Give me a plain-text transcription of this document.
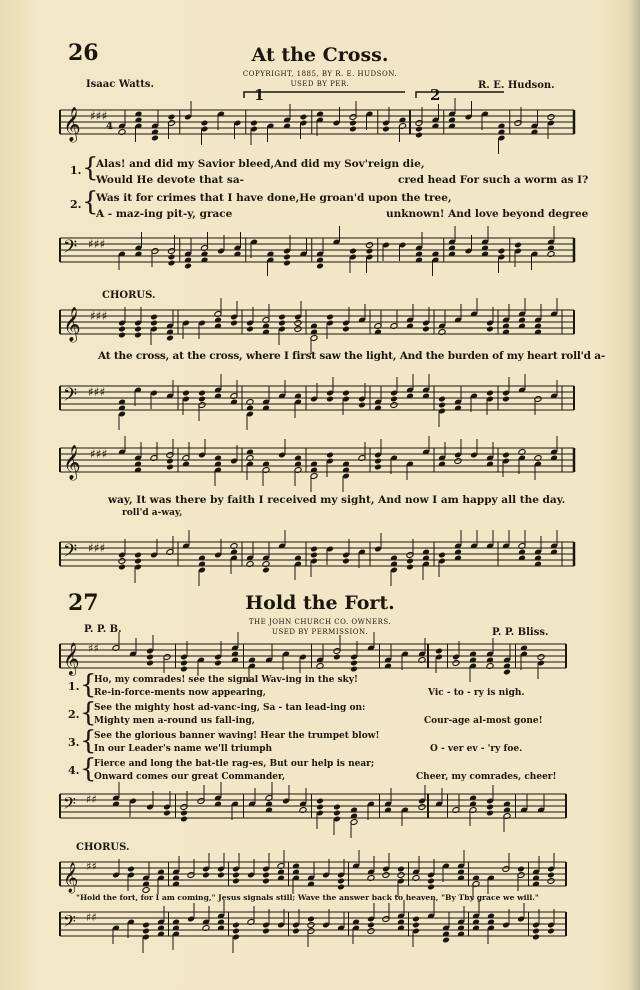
26	At the Cross.
COPYRIGHT, 1885, BY R. E. HUDSON.
USED BY PER.
Isaac Watts.	R. E. Hudson.
𝄞 ♯♯♯
4
1	2
1. {
Alas! and did my Savior bleed,And did my Sov'reign die,
Would He devote that sa-	cred head For such a worm as I?
2. {
Was it for crimes that I have done,He groan'd upon the tree,
A - maz-ing pit-y, grace	unknown! And love beyond degree
𝄢 ♯♯♯
CHORUS.
𝄞 ♯♯♯
At the cross, at the cross, where I first saw the light, And the burden of my heart roll'd a-
𝄢 ♯♯♯
𝄞 ♯♯♯
way, It was there by faith I received my sight, And now I am happy all the day.
roll'd a-way,
𝄢 ♯♯♯
27	Hold the Fort.
THE JOHN CHURCH CO. OWNERS.
USED BY PERMISSION.
P. P. B.	P. P. Bliss.
𝄞 ♯♯
1. {
Ho, my comrades! see the signal Wav-ing in the sky!
Re-in-force-ments now appearing,	Vic - to - ry is nigh.
2. {
See the mighty host ad-vanc-ing, Sa - tan lead-ing on:
Mighty men a-round us fall-ing,	Cour-age al-most gone!
3. {
See the glorious banner waving! Hear the trumpet blow!
In our Leader's name we'll triumph	O - ver ev - 'ry foe.
4. {
Fierce and long the bat-tle rag-es, But our help is near;
Onward comes our great Commander,	Cheer, my comrades, cheer!
𝄢 ♯♯
CHORUS.
𝄞 ♯♯
"Hold the fort, for I am coming," Jesus signals still; Wave the answer back to heaven, "By Thy grace we will."
𝄢 ♯♯
